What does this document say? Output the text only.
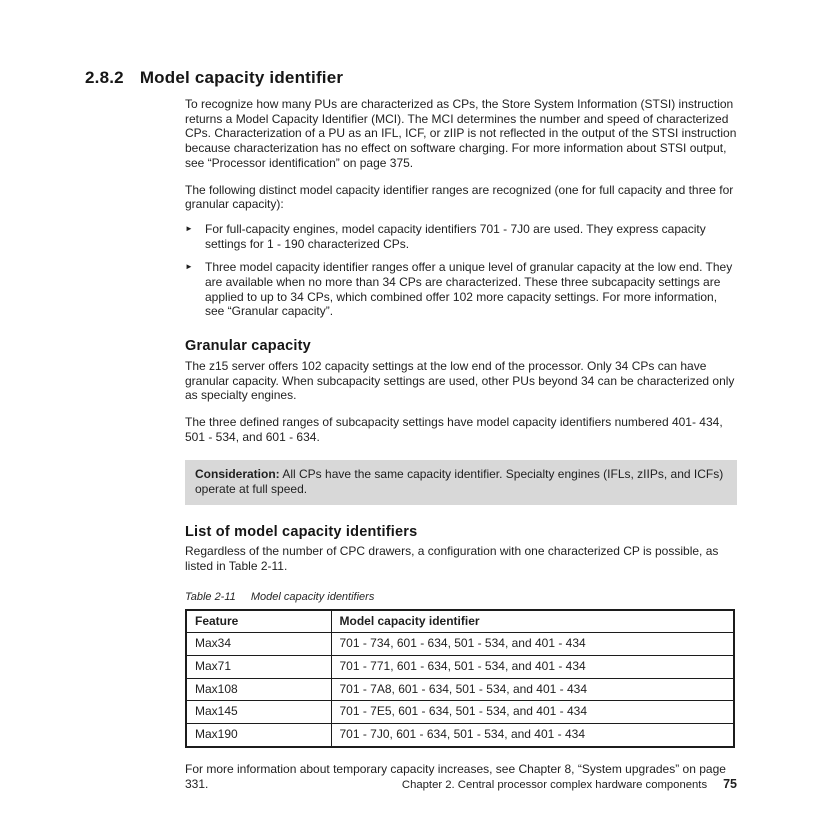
2.8.2 Model capacity identifier
To recognize how many PUs are characterized as CPs, the Store System Information (STSI) instruction returns a Model Capacity Identifier (MCI). The MCI determines the number and speed of characterized CPs. Characterization of a PU as an IFL, ICF, or zIIP is not reflected in the output of the STSI instruction because characterization has no effect on software charging. For more information about STSI output, see “Processor identification” on page 375.
The following distinct model capacity identifier ranges are recognized (one for full capacity and three for granular capacity):
►	For full-capacity engines, model capacity identifiers 701 - 7J0 are used. They express capacity settings for 1 - 190 characterized CPs.
►	Three model capacity identifier ranges offer a unique level of granular capacity at the low end. They are available when no more than 34 CPs are characterized. These three subcapacity settings are applied to up to 34 CPs, which combined offer 102 more capacity settings. For more information, see “Granular capacity”.
Granular capacity
The z15 server offers 102 capacity settings at the low end of the processor. Only 34 CPs can have granular capacity. When subcapacity settings are used, other PUs beyond 34 can be characterized only as specialty engines.
The three defined ranges of subcapacity settings have model capacity identifiers numbered 401- 434, 501 - 534, and 601 - 634.
Consideration: All CPs have the same capacity identifier. Specialty engines (IFLs, zIIPs, and ICFs) operate at full speed.
List of model capacity identifiers
Regardless of the number of CPC drawers, a configuration with one characterized CP is possible, as listed in Table 2-11.
Table 2-11 Model capacity identifiers
Feature	Model capacity identifier
Max34	701 - 734, 601 - 634, 501 - 534, and 401 - 434
Max71	701 - 771, 601 - 634, 501 - 534, and 401 - 434
Max108	701 - 7A8, 601 - 634, 501 - 534, and 401 - 434
Max145	701 - 7E5, 601 - 634, 501 - 534, and 401 - 434
Max190	701 - 7J0, 601 - 634, 501 - 534, and 401 - 434
For more information about temporary capacity increases, see Chapter 8, “System upgrades” on page 331.	Chapter 2. Central processor complex hardware components 75
